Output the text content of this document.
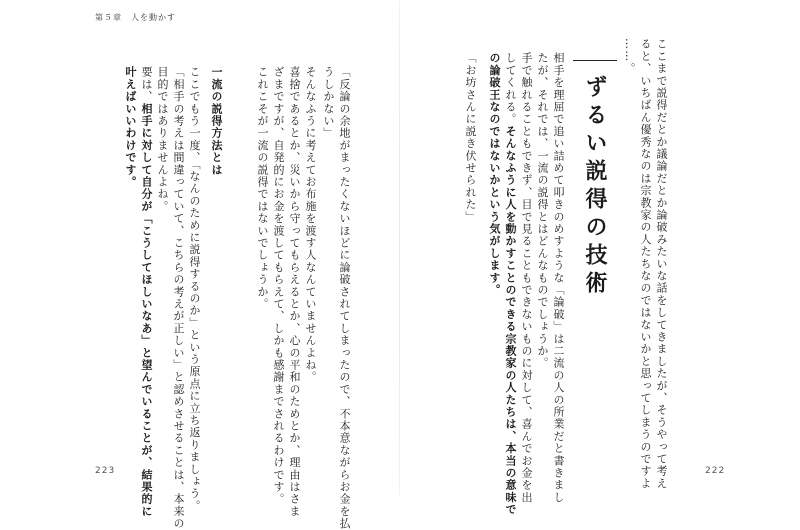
第５章　人を動かす
223	222
ここまで説得だとか議論だとか論破みたいな話をしてきましたが、そうやって考え
ると、いちばん優秀なのは宗教家の人たちなのではないかと思ってしまうのですよ
……。
ずるい説得の技術
相手を理屈で追い詰めて叩きのめすような「論破」は二流の人の所業だと書きまし
たが、それでは、一流の説得とはどんなものでしょうか。
手で触れることもできず、目で見ることもできないものに対して、喜んでお金を出
してくれる。そんなふうに人を動かすことのできる宗教家の人たちは、本当の意味で
の論破王なのではないかという気がします。
「お坊さんに説き伏せられた」
「反論の余地がまったくないほどに論破されてしまったので、不本意ながらお金を払
うしかない」
そんなふうに考えてお布施を渡す人なんていませんよね。
喜捨であるとか、災いから守ってもらえるとか、心の平和のためとか、理由はさま
ざまですが、自発的にお金を渡してもらえて、しかも感謝までされるわけです。
これこそが一流の説得ではないでしょうか。
一流の説得方法とは
ここでもう一度、「なんのために説得するのか」という原点に立ち返りましょう。
「相手の考えは間違っていて、こちらの考えが正しい」と認めさせることは、本来の
目的ではありませんよね。
要は、相手に対して自分が「こうしてほしいなあ」と望んでいることが、結果的に
叶えばいいわけです。
